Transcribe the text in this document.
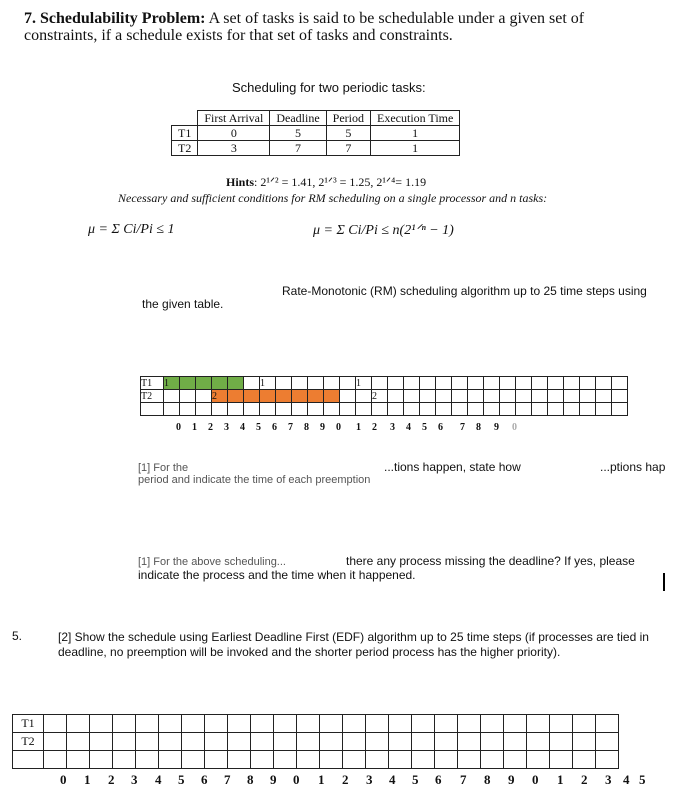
7. Schedulability Problem: A set of tasks is said to be schedulable under a given set of constraints, if a schedule exists for that set of tasks and constraints.
Scheduling for two periodic tasks:
	First Arrival	Deadline	Period	Execution Time
T1	0	5	5	1
T2	3	7	7	1
Hints: 2¹ᐟ² = 1.41, 2¹ᐟ³ = 1.25, 2¹ᐟ⁴= 1.19
Necessary and sufficient conditions for RM scheduling on a single processor and n tasks:
μ = Σ Ci/Pi ≤ 1	μ = Σ Ci/Pi ≤ n(2¹ᐟⁿ − 1)
Rate-Monotonic (RM) scheduling algorithm up to 25 time steps using
the given table.
T1	1						1						1																
T2				2										2															

0 1 2 3 4 5 6 7 8 9 0 1 2 3 4 5 6 7 8 9 0
[1] For the	...tions happen, state how	...ptions hap
period and indicate the time of each preemption
[1] For the above scheduling...	there any process missing the deadline? If yes, please
indicate the process and the time when it happened.
5.	[2] Show the schedule using Earliest Deadline First (EDF) algorithm up to 25 time steps (if processes are tied in deadline, no preemption will be invoked and the shorter period process has the higher priority).
T1																									
T2																									

0 1 2 3 4 5 6 7 8 9 0 1 2 3 4 5 6 7 8 9 0 1 2 3 4 5
